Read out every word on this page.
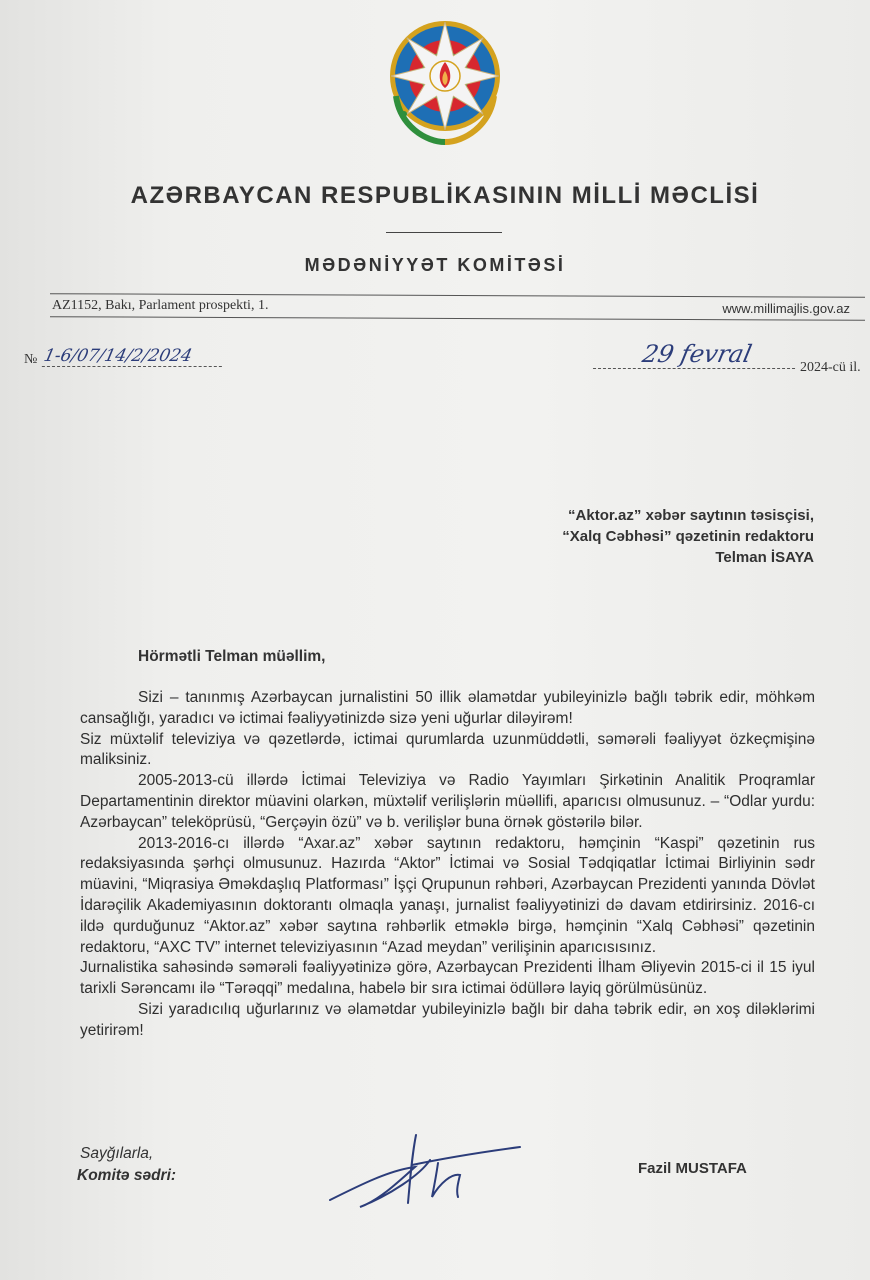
AZƏRBAYCAN RESPUBLİKASININ MİLLİ MƏCLİSİ
MƏDƏNİYYƏT KOMİTƏSİ
AZ1152, Bakı, Parlament prospekti, 1.	www.millimajlis.gov.az
№ 1-6/07/14/2/2024	29 fevral	2024-cü il.
“Aktor.az” xəbər saytının təsisçisi,
“Xalq Cəbhəsi” qəzetinin redaktoru
Telman İSAYA
Hörmətli Telman müəllim,
Sizi – tanınmış Azərbaycan jurnalistini 50 illik əlamətdar yubileyinizlə bağlı təbrik edir, möhkəm cansağlığı, yaradıcı və ictimai fəaliyyətinizdə sizə yeni uğurlar diləyirəm!
Siz müxtəlif televiziya və qəzetlərdə, ictimai qurumlarda uzunmüddətli, səmərəli fəaliyyət özkeçmişinə maliksiniz.
2005-2013-cü illərdə İctimai Televiziya və Radio Yayımları Şirkətinin Analitik Proqramlar Departamentinin direktor müavini olarkən, müxtəlif verilişlərin müəllifi, aparıcısı olmusunuz. – “Odlar yurdu: Azərbaycan” teleköprüsü, “Gerçəyin özü” və b. verilişlər buna örnək göstərilə bilər.
2013-2016-cı illərdə “Axar.az” xəbər saytının redaktoru, həmçinin “Kaspi” qəzetinin rus redaksiyasında şərhçi olmusunuz. Hazırda “Aktor” İctimai və Sosial Tədqiqatlar İctimai Birliyinin sədr müavini, “Miqrasiya Əməkdaşlıq Platforması” İşçi Qrupunun rəhbəri, Azərbaycan Prezidenti yanında Dövlət İdarəçilik Akademiyasının doktorantı olmaqla yanaşı, jurnalist fəaliyyətinizi də davam etdirirsiniz. 2016-cı ildə qurduğunuz “Aktor.az” xəbər saytına rəhbərlik etməklə birgə, həmçinin “Xalq Cəbhəsi” qəzetinin redaktoru, “AXC TV” internet televiziyasının “Azad meydan” verilişinin aparıcısısınız.
Jurnalistika sahəsində səmərəli fəaliyyətinizə görə, Azərbaycan Prezidenti İlham Əliyevin 2015-ci il 15 iyul tarixli Sərəncamı ilə “Tərəqqi” medalına, habelə bir sıra ictimai ödüllərə layiq görülmüsünüz.
Sizi yaradıcılıq uğurlarınız və əlamətdar yubileyinizlə bağlı bir daha təbrik edir, ən xoş diləklərimi yetirirəm!
Sayğılarla,
Komitə sədri:	Fazil MUSTAFA
